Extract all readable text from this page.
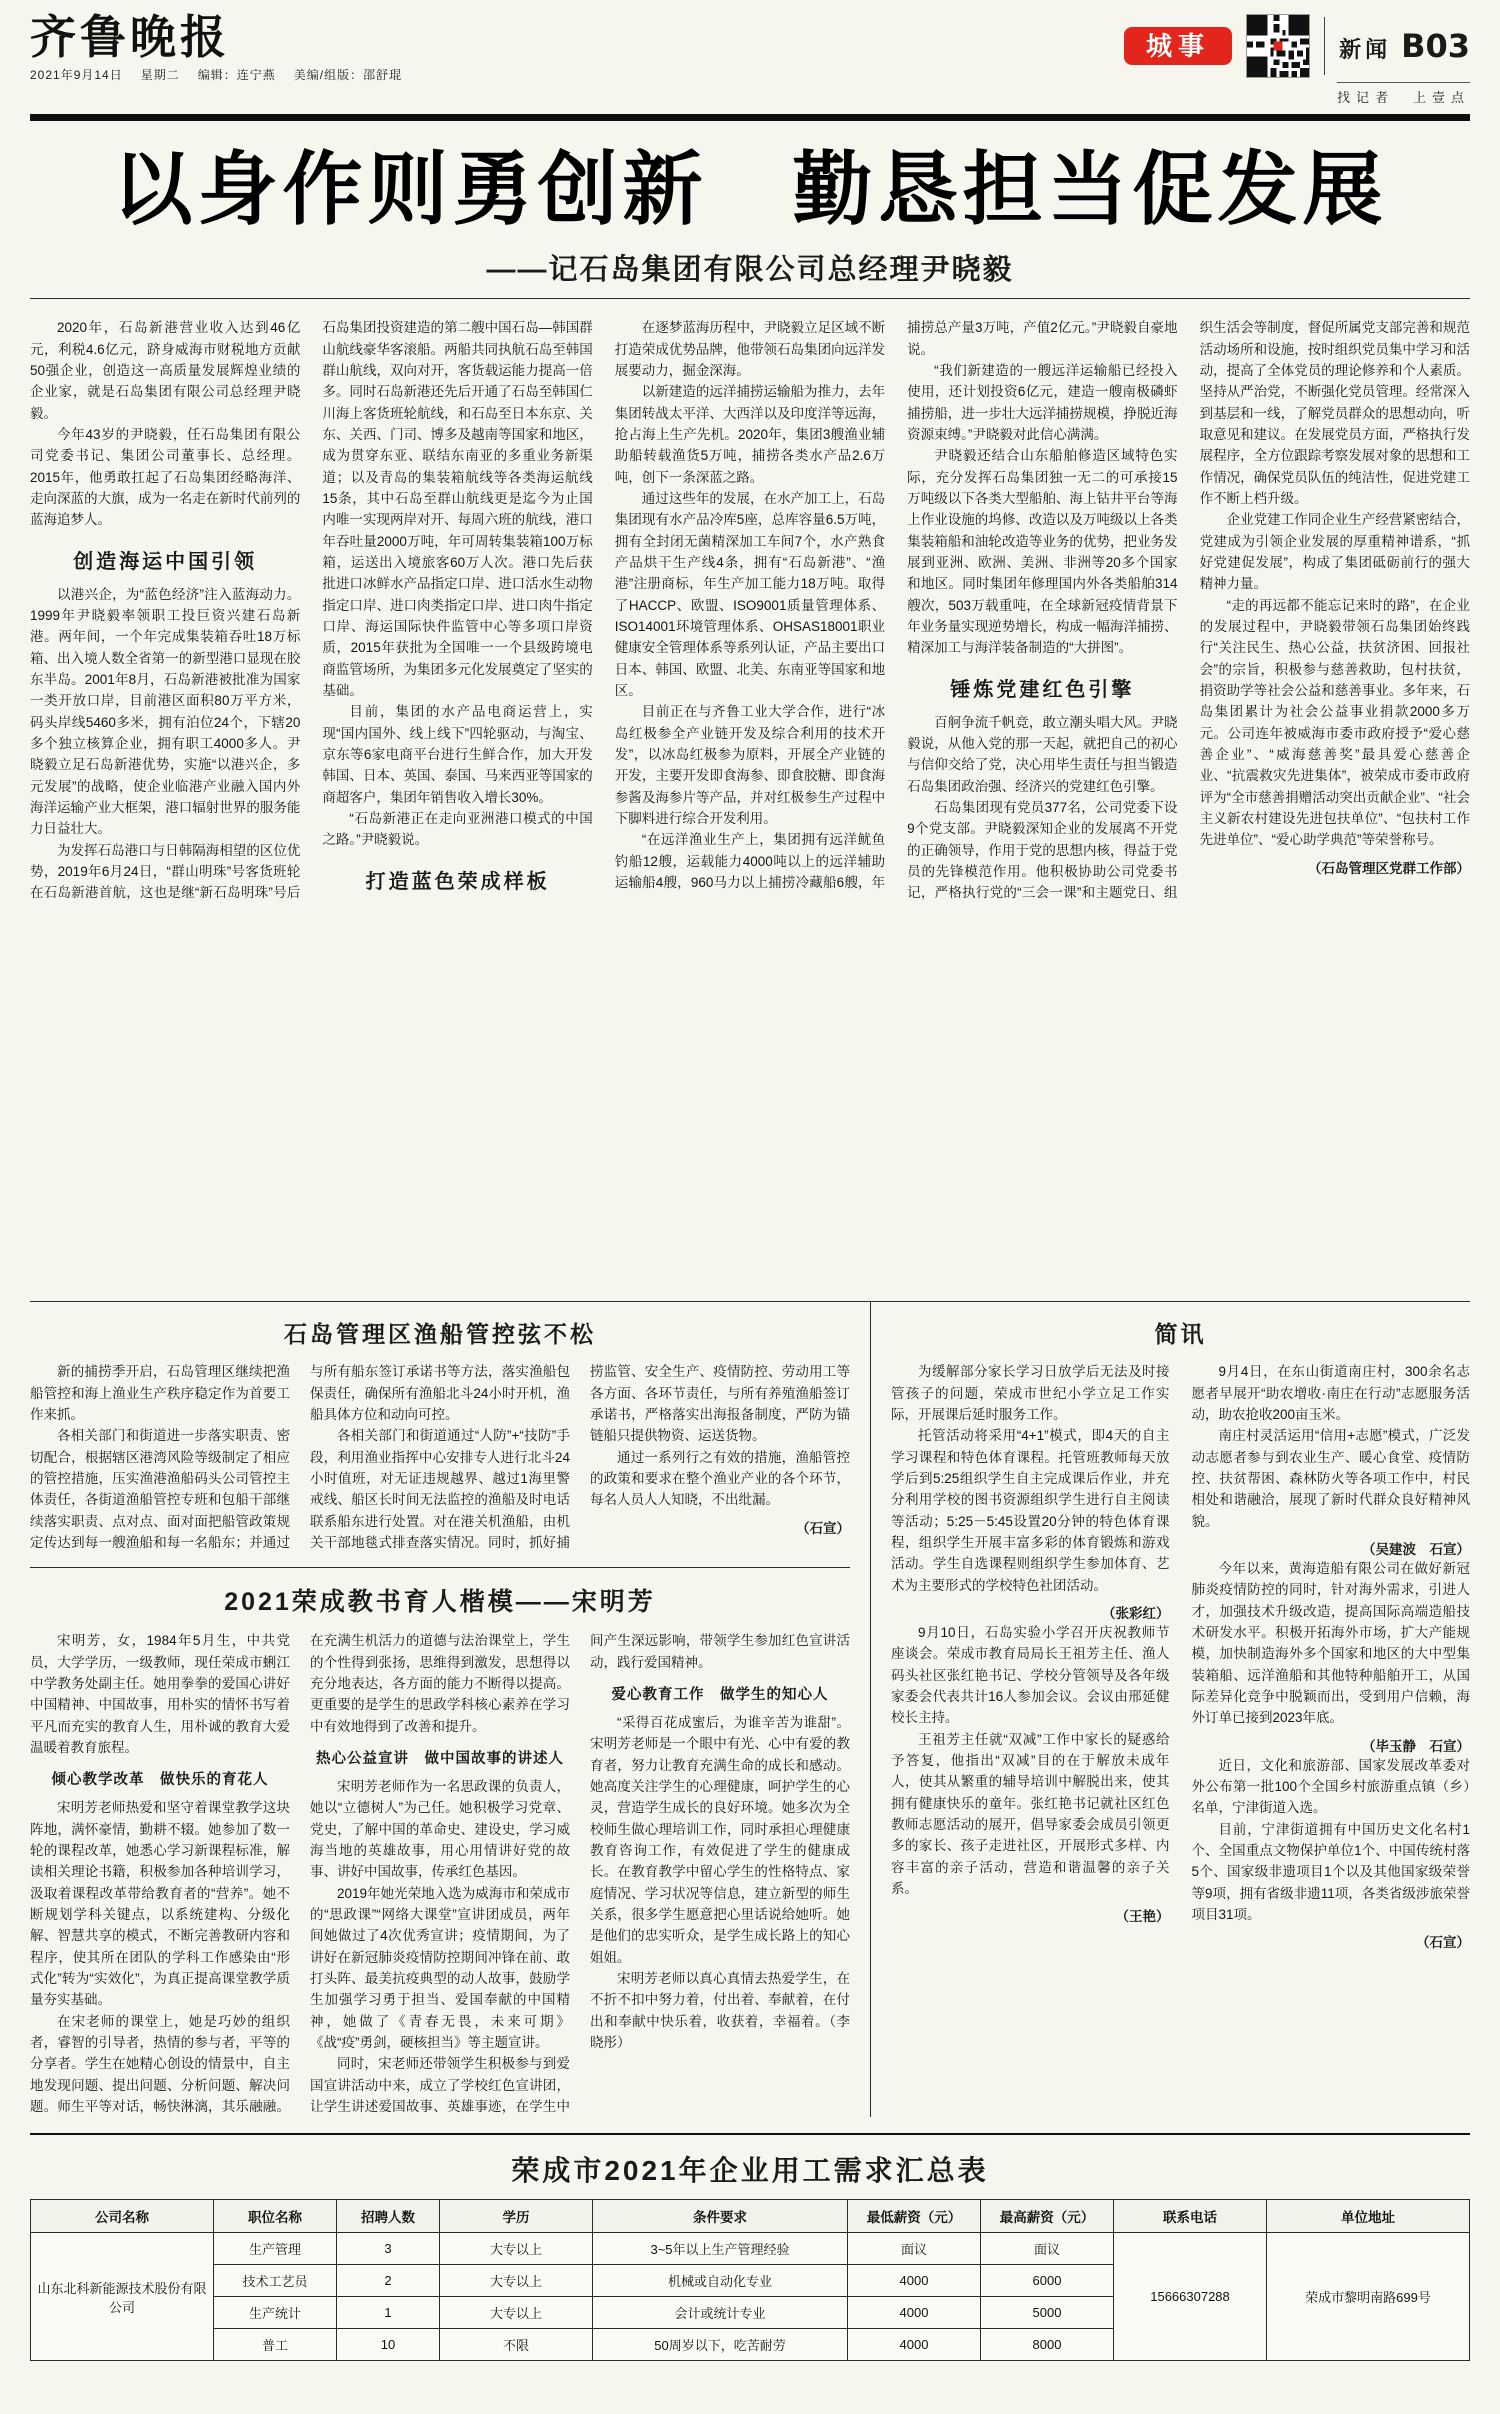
齐鲁晚报
2021年9月14日 星期二 编辑：连宁燕 美编/组版：邵舒琨
城事	新闻 B03
找记者　上壹点
以身作则勇创新　勤恳担当促发展
——记石岛集团有限公司总经理尹晓毅

2020年，石岛新港营业收入达到46亿元，利税4.6亿元，跻身威海市财税地方贡献50强企业，创造这一高质量发展辉煌业绩的企业家，就是石岛集团有限公司总经理尹晓毅。

今年43岁的尹晓毅，任石岛集团有限公司党委书记、集团公司董事长、总经理。2015年，他勇敢扛起了石岛集团经略海洋、走向深蓝的大旗，成为一名走在新时代前列的蓝海追梦人。

创造海运中国引领

以港兴企，为“蓝色经济”注入蓝海动力。1999年尹晓毅率领职工投巨资兴建石岛新港。两年间，一个年完成集装箱吞吐18万标箱、出入境人数全省第一的新型港口显现在胶东半岛。2001年8月，石岛新港被批准为国家一类开放口岸，目前港区面积80万平方米，码头岸线5460多米，拥有泊位24个，下辖20多个独立核算企业，拥有职工4000多人。尹晓毅立足石岛新港优势，实施“以港兴企，多元发展”的战略，使企业临港产业融入国内外海洋运输产业大框架，港口辐射世界的服务能力日益壮大。

为发挥石岛港口与日韩隔海相望的区位优势，2019年6月24日，“群山明珠”号客货班轮在石岛新港首航，这也是继“新石岛明珠”号后石岛集团投资建造的第二艘中国石岛—韩国群山航线豪华客滚船。两船共同执航石岛至韩国群山航线，双向对开，客货载运能力提高一倍多。同时石岛新港还先后开通了石岛至韩国仁川海上客货班轮航线，和石岛至日本东京、关东、关西、门司、博多及越南等国家和地区，成为贯穿东亚、联结东南亚的多重业务新渠道；以及青岛的集装箱航线等各类海运航线15条，其中石岛至群山航线更是迄今为止国内唯一实现两岸对开、每周六班的航线，港口年吞吐量2000万吨，年可周转集装箱100万标箱，运送出入境旅客60万人次。港口先后获批进口冰鲜水产品指定口岸、进口活水生动物指定口岸、进口肉类指定口岸、进口肉牛指定口岸、海运国际快件监管中心等多项口岸资质，2015年获批为全国唯一一个县级跨境电商监管场所，为集团多元化发展奠定了坚实的基础。

目前，集团的水产品电商运营上，实现“国内国外、线上线下”四轮驱动，与淘宝、京东等6家电商平台进行生鲜合作，加大开发韩国、日本、英国、泰国、马来西亚等国家的商超客户，集团年销售收入增长30%。

“石岛新港正在走向亚洲港口模式的中国之路。”尹晓毅说。

打造蓝色荣成样板

在逐梦蓝海历程中，尹晓毅立足区域不断打造荣成优势品牌，他带领石岛集团向远洋发展要动力，掘金深海。

以新建造的远洋捕捞运输船为推力，去年集团转战太平洋、大西洋以及印度洋等远海，抢占海上生产先机。2020年，集团3艘渔业辅助船转载渔货5万吨，捕捞各类水产品2.6万吨，创下一条深蓝之路。

通过这些年的发展，在水产加工上，石岛集团现有水产品冷库5座，总库容量6.5万吨，拥有全封闭无菌精深加工车间7个，水产熟食产品烘干生产线4条，拥有“石岛新港”、“渔港”注册商标，年生产加工能力18万吨。取得了HACCP、欧盟、ISO9001质量管理体系、ISO14001环境管理体系、OHSAS18001职业健康安全管理体系等系列认证，产品主要出口日本、韩国、欧盟、北美、东南亚等国家和地区。

目前正在与齐鲁工业大学合作，进行“冰岛红极参全产业链开发及综合利用的技术开发”，以冰岛红极参为原料，开展全产业链的开发，主要开发即食海参、即食胶糖、即食海参酱及海参片等产品，并对红极参生产过程中下脚料进行综合开发利用。

“在远洋渔业生产上，集团拥有远洋鱿鱼钓船12艘，运载能力4000吨以上的远洋辅助运输船4艘，960马力以上捕捞冷藏船6艘，年捕捞总产量3万吨，产值2亿元。”尹晓毅自豪地说。

“我们新建造的一艘远洋运输船已经投入使用，还计划投资6亿元，建造一艘南极磷虾捕捞船，进一步壮大远洋捕捞规模，挣脱近海资源束缚。”尹晓毅对此信心满满。

尹晓毅还结合山东船舶修造区域特色实际，充分发挥石岛集团独一无二的可承接15万吨级以下各类大型船舶、海上钻井平台等海上作业设施的坞修、改造以及万吨级以上各类集装箱船和油轮改造等业务的优势，把业务发展到亚洲、欧洲、美洲、非洲等20多个国家和地区。同时集团年修理国内外各类船舶314艘次，503万载重吨，在全球新冠疫情背景下年业务量实现逆势增长，构成一幅海洋捕捞、精深加工与海洋装备制造的“大拼图”。

锤炼党建红色引擎

百舸争流千帆竞，敢立潮头唱大风。尹晓毅说，从他入党的那一天起，就把自己的初心与信仰交给了党，决心用毕生责任与担当锻造石岛集团政治强、经济兴的党建红色引擎。

石岛集团现有党员377名，公司党委下设9个党支部。尹晓毅深知企业的发展离不开党的正确领导，作用于党的思想内核，得益于党员的先锋模范作用。他积极协助公司党委书记，严格执行党的“三会一课”和主题党日、组织生活会等制度，督促所属党支部完善和规范活动场所和设施，按时组织党员集中学习和活动，提高了全体党员的理论修养和个人素质。坚持从严治党，不断强化党员管理。经常深入到基层和一线，了解党员群众的思想动向，听取意见和建议。在发展党员方面，严格执行发展程序，全方位跟踪考察发展对象的思想和工作情况，确保党员队伍的纯洁性，促进党建工作不断上档升级。

企业党建工作同企业生产经营紧密结合，党建成为引领企业发展的厚重精神谱系，“抓好党建促发展”，构成了集团砥砺前行的强大精神力量。

“走的再远都不能忘记来时的路”，在企业的发展过程中，尹晓毅带领石岛集团始终践行“关注民生、热心公益，扶贫济困、回报社会”的宗旨，积极参与慈善救助，包村扶贫，捐资助学等社会公益和慈善事业。多年来，石岛集团累计为社会公益事业捐款2000多万元。公司连年被威海市委市政府授予“爱心慈善企业”、“威海慈善奖”最具爱心慈善企业、“抗震救灾先进集体”，被荣成市委市政府评为“全市慈善捐赠活动突出贡献企业”、“社会主义新农村建设先进包扶单位”、“包扶村工作先进单位”、“爱心助学典范”等荣誉称号。

（石岛管理区党群工作部）
石岛管理区渔船管控弦不松

新的捕捞季开启，石岛管理区继续把渔船管控和海上渔业生产秩序稳定作为首要工作来抓。

各相关部门和街道进一步落实职责、密切配合，根据辖区港湾风险等级制定了相应的管控措施，压实渔港渔船码头公司管控主体责任，各街道渔船管控专班和包船干部继续落实职责、点对点、面对面把船管政策规定传达到每一艘渔船和每一名船东；并通过与所有船东签订承诺书等方法，落实渔船包保责任，确保所有渔船北斗24小时开机，渔船具体方位和动向可控。

各相关部门和街道通过“人防”+“技防”手段，利用渔业指挥中心安排专人进行北斗24小时值班，对无证违规越界、越过1海里警戒线、船区长时间无法监控的渔船及时电话联系船东进行处置。对在港关机渔船，由机关干部地毯式排查落实情况。同时，抓好捕捞监管、安全生产、疫情防控、劳动用工等各方面、各环节责任，与所有养殖渔船签订承诺书，严格落实出海报备制度，严防为锚链船只提供物资、运送货物。

通过一系列行之有效的措施，渔船管控的政策和要求在整个渔业产业的各个环节，每名人员人人知晓，不出纰漏。

（石宣）
2021荣成教书育人楷模——宋明芳

宋明芳，女，1984年5月生，中共党员，大学学历，一级教师，现任荣成市蜊江中学教务处副主任。她用拳拳的爱国心讲好中国精神、中国故事，用朴实的情怀书写着平凡而充实的教育人生，用朴诚的教育大爱温暖着教育旅程。

倾心教学改革　做快乐的育花人

宋明芳老师热爱和坚守着课堂教学这块阵地，满怀豪情，勤耕不辍。她参加了数一轮的课程改革，她悉心学习新课程标准，解读相关理论书籍，积极参加各种培训学习，汲取着课程改革带给教育者的“营养”。她不断规划学科关键点，以系统建构、分级化解、智慧共享的模式，不断完善教研内容和程序，使其所在团队的学科工作感染由“形式化”转为“实效化”，为真正提高课堂教学质量夯实基础。

在宋老师的课堂上，她是巧妙的组织者，睿智的引导者，热情的参与者，平等的分享者。学生在她精心创设的情景中，自主地发现问题、提出问题、分析问题、解决问题。师生平等对话，畅快淋漓，其乐融融。在充满生机活力的道德与法治课堂上，学生的个性得到张扬，思维得到激发，思想得以充分地表达，各方面的能力不断得以提高。更重要的是学生的思政学科核心素养在学习中有效地得到了改善和提升。

热心公益宣讲　做中国故事的讲述人

宋明芳老师作为一名思政课的负责人，她以“立德树人”为己任。她积极学习党章、党史，了解中国的革命史、建设史，学习威海当地的英雄故事，用心用情讲好党的故事、讲好中国故事，传承红色基因。

2019年她光荣地入选为威海市和荣成市的“思政课”“网络大课堂”宣讲团成员，两年间她做过了4次优秀宣讲；疫情期间，为了讲好在新冠肺炎疫情防控期间冲锋在前、敢打头阵、最美抗疫典型的动人故事，鼓励学生加强学习勇于担当、爱国奉献的中国精神，她做了《青春无畏，未来可期》《战“疫”勇剑，硬核担当》等主题宣讲。

同时，宋老师还带领学生积极参与到爱国宣讲活动中来，成立了学校红色宣讲团，让学生讲述爱国故事、英雄事迹，在学生中间产生深远影响，带领学生参加红色宣讲活动，践行爱国精神。

爱心教育工作　做学生的知心人

“采得百花成蜜后，为谁辛苦为谁甜”。宋明芳老师是一个眼中有光、心中有爱的教育者，努力让教育充满生命的成长和感动。她高度关注学生的心理健康，呵护学生的心灵，营造学生成长的良好环境。她多次为全校师生做心理培训工作，同时承担心理健康教育咨询工作，有效促进了学生的健康成长。在教育教学中留心学生的性格特点、家庭情况、学习状况等信息，建立新型的师生关系，很多学生愿意把心里话说给她听。她是他们的忠实听众，是学生成长路上的知心姐姐。

宋明芳老师以真心真情去热爱学生，在不折不扣中努力着，付出着、奉献着，在付出和奉献中快乐着，收获着，幸福着。（李晓彤）

简讯

为缓解部分家长学习日放学后无法及时接管孩子的问题，荣成市世纪小学立足工作实际，开展课后延时服务工作。

托管活动将采用“4+1”模式，即4天的自主学习课程和特色体育课程。托管班教师每天放学后到5:25组织学生自主完成课后作业，并充分利用学校的图书资源组织学生进行自主阅读等活动；5:25－5:45设置20分钟的特色体育课程，组织学生开展丰富多彩的体育锻炼和游戏活动。学生自选课程则组织学生参加体育、艺术为主要形式的学校特色社团活动。

（张彩红）

9月10日，石岛实验小学召开庆祝教师节座谈会。荣成市教育局局长王祖芳主任、渔人码头社区张红艳书记、学校分管领导及各年级家委会代表共计16人参加会议。会议由邢延健校长主持。

王祖芳主任就“双减”工作中家长的疑惑给予答复，他指出“双减”目的在于解放未成年人，使其从繁重的辅导培训中解脱出来，使其拥有健康快乐的童年。张红艳书记就社区红色教师志愿活动的展开，倡导家委会成员引领更多的家长、孩子走进社区，开展形式多样、内容丰富的亲子活动，营造和谐温馨的亲子关系。

（王艳）

9月4日，在东山街道南庄村，300余名志愿者早展开“助农增收·南庄在行动”志愿服务活动，助农抢收200亩玉米。

南庄村灵活运用“信用+志愿”模式，广泛发动志愿者参与到农业生产、暖心食堂、疫情防控、扶贫帮困、森林防火等各项工作中，村民相处和谐融洽，展现了新时代群众良好精神风貌。

（吴建波　石宣）

今年以来，黄海造船有限公司在做好新冠肺炎疫情防控的同时，针对海外需求，引进人才，加强技术升级改造，提高国际高端造船技术研发水平。积极开拓海外市场，扩大产能规模，加快制造海外多个国家和地区的大中型集装箱船、远洋渔船和其他特种船舶开工，从国际差异化竞争中脱颖而出，受到用户信赖，海外订单已接到2023年底。

（毕玉静　石宣）

近日，文化和旅游部、国家发展改革委对外公布第一批100个全国乡村旅游重点镇（乡）名单，宁津街道入选。

目前，宁津街道拥有中国历史文化名村1个、全国重点文物保护单位1个、中国传统村落5个、国家级非遗项目1个以及其他国家级荣誉等9项，拥有省级非遗11项，各类省级涉旅荣誉项目31项。

（石宣）
荣成市2021年企业用工需求汇总表
公司名称	职位名称	招聘人数	学历	条件要求	最低薪资（元）	最高薪资（元）	联系电话	单位地址
山东北科新能源技术股份有限公司	生产管理	3	大专以上	3~5年以上生产管理经验	面议	面议	15666307288	荣成市黎明南路699号
	技术工艺员	2	大专以上	机械或自动化专业	4000	6000		
	生产统计	1	大专以上	会计或统计专业	4000	5000		
	普工	10	不限	50周岁以下，吃苦耐劳	4000	8000		
